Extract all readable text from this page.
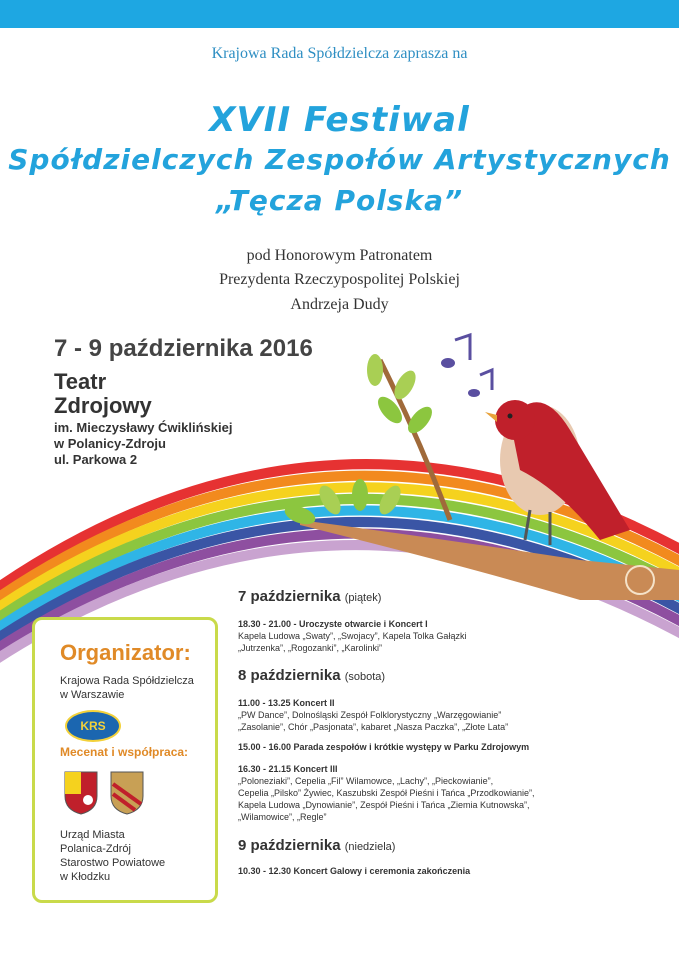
Krajowa Rada Spółdzielcza zaprasza na
XVII Festiwal
Spółdzielczych Zespołów Artystycznych
„Tęcza Polska”
pod Honorowym Patronatem
Prezydenta Rzeczypospolitej Polskiej
Andrzeja Dudy
7 - 9 października 2016
Teatr
Zdrojowy
im. Mieczysławy Ćwiklińskiej
w Polanicy-Zdroju
ul. Parkowa 2
Organizator:
Krajowa Rada Spółdzielcza
w Warszawie
KRS
Mecenat i współpraca:
Urząd Miasta
Polanica-Zdrój
Starostwo Powiatowe
w Kłodzku
7 października (piątek)
18.30 - 21.00 - Uroczyste otwarcie i Koncert I
Kapela Ludowa „Swaty”, „Swojacy”, Kapela Tolka Gałązki
„Jutrzenka”, „Rogozanki”, „Karolinki”
8 października (sobota)
11.00 - 13.25 Koncert II
„PW Dance”, Dolnośląski Zespół Folklorystyczny „Warzęgowianie”
„Zasolanie”, Chór „Pasjonata”, kabaret „Nasza Paczka”, „Złote Lata”
15.00 - 16.00 Parada zespołów i krótkie występy w Parku Zdrojowym
16.30 - 21.15 Koncert III
„Poloneziaki”, Cepelia „Fil” Wilamowce, „Lachy”, „Pieckowianie”,
Cepelia „Pilsko” Żywiec, Kaszubski Zespół Pieśni i Tańca „Przodkowianie”,
Kapela Ludowa „Dynowianie”, Zespół Pieśni i Tańca „Ziemia Kutnowska”,
„Wilamowice”, „Regle”
9 października (niedziela)
10.30 - 12.30 Koncert Galowy i ceremonia zakończenia
